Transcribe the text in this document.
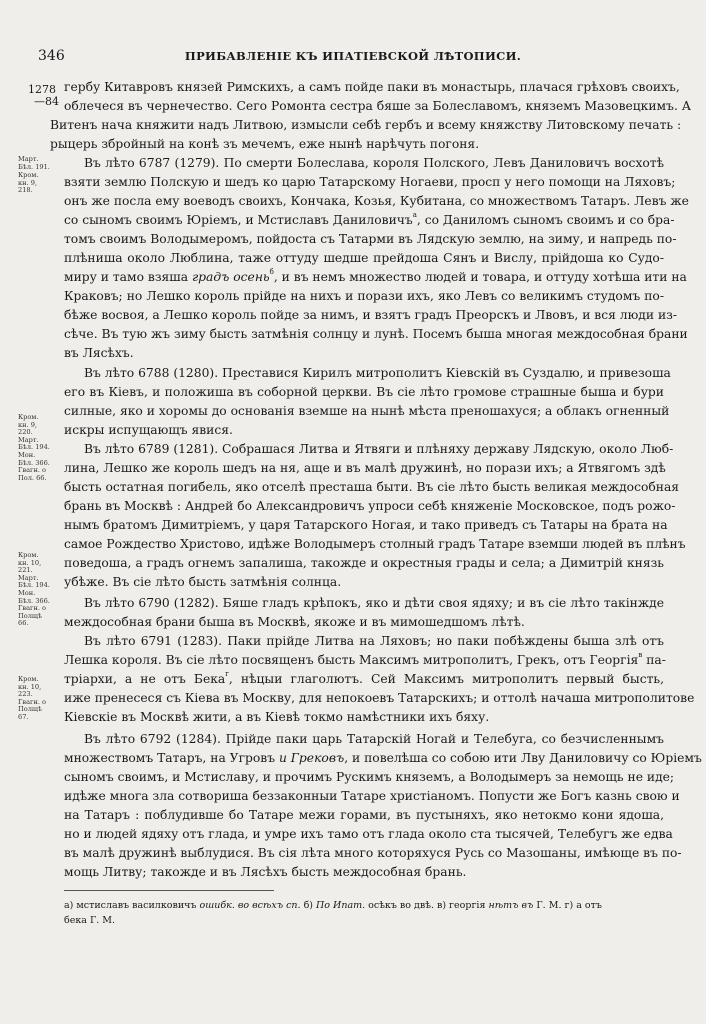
346	ПРИБАВЛЕНІЕ КЪ ИПАТІЕВСКОЙ ЛѢТОПИСИ.
1278
—84
Март.
Бѣл. 191.
Кром.
кн. 9,
218.
Кром.
кн. 9,
220.
Март.
Бѣл. 194.
Мон.
Бѣл. 366.
Гвагн. о
Пол. 66.
Кром.
кн. 10,
221.
Март.
Бѣл. 194.
Мон.
Бѣл. 366.
Гвагн. о
Полщѣ
66.
Кром.
кн. 10,
223.
Гвагн. о
Полщѣ
67.
гербу Китавровъ князей Римскихъ, а самъ пойде паки въ монастырь, плачася грѣховъ своихъ,
облечеся въ чернечество. Сего Ромонта сестра бяше за Болеславомъ, княземъ Мазовецкимъ. А
Витенъ нача княжити надъ Литвою, измысли себѣ гербъ и всему княжству Литовскому печать :
рыцерь збройный на конѣ зъ мечемъ, еже нынѣ нарѣчуть погоня.
Въ лѣто 6787 (1279). По смерти Болеслава, короля Полского, Левъ Даниловичъ восхотѣ
взяти землю Полскую и шедъ ко царю Татарскому Ногаеви, просп у него помощи на Ляховъ;
онъ же посла ему воеводъ своихъ, Кончака, Козья, Кубитана, со множествомъ Татаръ. Левъ же
со сыномъ своимъ Юріемъ, и Мстиславъ Даниловичъ$^а$, со Даниломъ сыномъ своимъ и со бра-
томъ своимъ Володымеромъ, пойдоста съ Татарми въ Лядскую землю, на зиму, и напредь по-
плѣниша около Люблина, таже оттуду шедше прейдоша Сянъ и Вислу, прійдоша ко Судо-
миру и тамо взяша градъ осень$^б$, и въ немъ множество людей и товара, и оттуду хотѣша ити на
Краковъ; но Лешко король прійде на нихъ и порази ихъ, яко Левъ со великимъ студомъ по-
бѣже восвоя, а Лешко король пойде за нимъ, и взятъ градъ Преорскъ и Лвовъ, и вся люди из-
сѣче. Въ тую жъ зиму бысть затмѣнія солнцу и лунѣ. Посемъ быша многая междособная брани
въ Лясѣхъ.
Въ лѣто 6788 (1280). Преставися Кирилъ митрополитъ Кіевскій въ Суздалю, и привезоша
его въ Кіевъ, и положиша въ соборной церкви. Въ сіе лѣто громове страшные быша и бури
силные, яко и хоромы до основанія вземше на нынѣ мѣста преношахуся; а облакъ огненный
искры испущающъ явися.
Въ лѣто 6789 (1281). Собрашася Литва и Ятвяги и плѣняху державу Лядскую, около Люб-
лина, Лешко же король шедъ на ня, аще и въ малѣ дружинѣ, но порази ихъ; а Ятвягомъ здѣ
бысть остатная погибель, яко отселѣ престаша быти. Въ сіе лѣто бысть великая междособная
брань въ Москвѣ : Андрей бо Александровичъ упроси себѣ княженіе Московское, подъ рожо-
нымъ братомъ Димитріемъ, у царя Татарского Ногая, и тако приведъ съ Татары на брата на
самое Рождество Христово, идѣже Володымеръ столный градъ Татаре вземши людей въ плѣнъ
поведоша, а градъ огнемъ запалиша, такожде и окрестныя грады и села; а Димитрій князь
убѣже. Въ сіе лѣто бысть затмѣнія солнца.
Въ лѣто 6790 (1282). Бяше гладъ крѣпокъ, яко и дѣти своя ядяху; и въ сіе лѣто такінжде
междособная брани быша въ Москвѣ, якоже и въ мимошедшомъ лѣтѣ.
Въ лѣто 6791 (1283). Паки прійде Литва на Ляховъ; но паки побѣждены быша злѣ отъ
Лешка короля. Въ сіе лѣто посвященъ бысть Максимъ митрополитъ, Грекъ, отъ Георгія$^в$ па-
тріархи, а не отъ Бека$^г$, нѣцыи глаголютъ. Сей Максимъ митрополитъ первый бысть,
иже пренесеся съ Кіева въ Москву, для непокоевъ Татарскихъ; и оттолѣ начаша митрополитове
Кіевскіе въ Москвѣ жити, а въ Кіевѣ токмо намѣстники ихъ бяху.
Въ лѣто 6792 (1284). Прійде паки царь Татарскій Ногай и Телебуга, со безчисленнымъ
множествомъ Татаръ, на Угровъ и Грековъ, и повелѣша со собою ити Лву Даниловичу со Юріемъ
сыномъ своимъ, и Мстиславу, и прочимъ Рускимъ княземъ, а Володымеръ за немощь не иде;
идѣже многа зла сотвориша беззаконныи Татаре христіаномъ. Попусти же Богъ казнь свою и
на Татаръ : поблудивше бо Татаре межи горами, въ пустыняхъ, яко нетокмо кони ядоша,
но и людей ядяху отъ глада, и умре ихъ тамо отъ глада около ста тысячей, Телебугъ же едва
въ малѣ дружинѣ выблудися. Въ сія лѣта много которяхуся Русь со Мазошаны, имѣюще въ по-
мощь Литву; такожде и въ Лясѣхъ бысть междособная брань.
а) мстиславъ василковичъ ошибк. во всѣхъ сп. б) По Ипат. осѣкъ во двѣ. в) георгія нѣтъ въ Г. М. г) а отъ
бека Г. М.
